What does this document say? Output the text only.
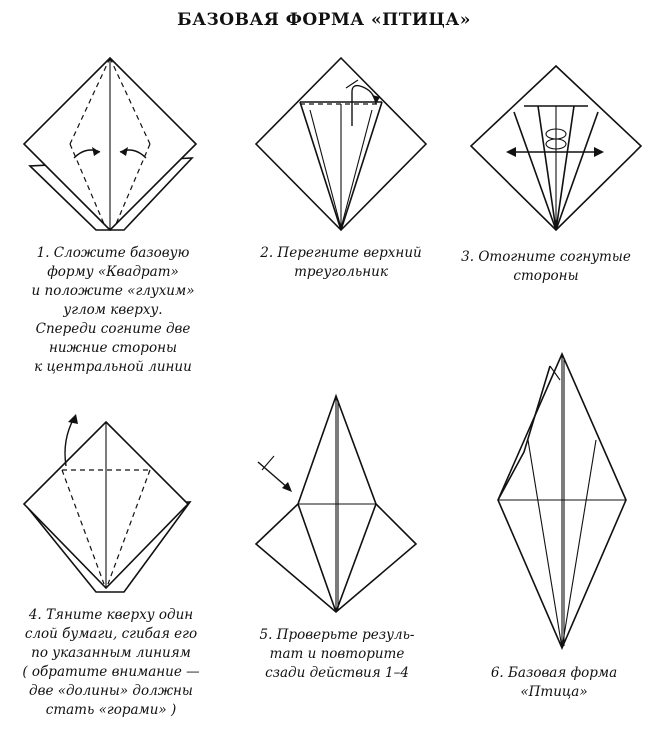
БАЗОВАЯ ФОРМА «ПТИЦА»
1. Сложите базовую
форму «Квадрат»
и положите «глухим»
углом кверху.
Спереди согните две
нижние стороны
к центральной линии
2. Перегните верхний
треугольник
3. Отогните согнутые
стороны
4. Тяните кверху один
слой бумаги, сгибая его
по указанным линиям
( обратите внимание —
две «долины» должны
стать «горами» )
5. Проверьте резуль-
тат и повторите
сзади действия 1–4	6. Базовая форма
«Птица»
